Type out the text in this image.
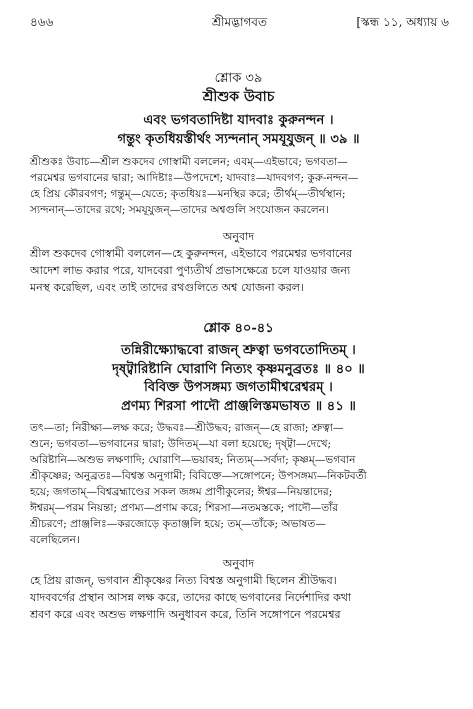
৪৬৬	শ্রীমদ্ভাগবত	[স্কন্ধ ১১, অধ্যায় ৬

শ্লোক ৩৯

শ্রীশুক উবাচ

এবং ভগবতাদিষ্টা যাদবাঃ কুরুনন্দন ।

গন্তুং কৃতধিয়স্তীর্থং স্যন্দনান্‌ সমযূযুজন্‌ ॥ ৩৯ ॥

শ্রীশুকঃ উবাচ—শ্রীল শুকদেব গোস্বামী বললেন; এবম্‌—এইভাবে; ভগবতা—

পরমেশ্বর ভগবানের দ্বারা; আদিষ্টাঃ—উপদেশে; যাদবাঃ—যাদবগণ; কুরু-নন্দন—

হে প্রিয় কৌরবগণ; গন্তুম্‌—যেতে; কৃতধিয়ঃ—মনস্থির করে; তীর্থম্‌—তীর্থস্থান;

স্যন্দনান্‌—তাদের রথে; সমযূযুজন্‌—তাদের অশ্বগুলি সংযোজন করলেন।

অনুবাদ

শ্রীল শুকদেব গোস্বামী বললেন—হে কুরুনন্দন, এইভাবে পরমেশ্বর ভগবানের

আদেশ লাভ করার পরে, যাদবেরা পুণ্যতীর্থ প্রভাসক্ষেত্রে চলে যাওয়ার জন্য

মনস্থ করেছিল, এবং তাই তাদের রথগুলিতে অশ্ব যোজনা করল।

শ্লোক ৪০-৪১

তন্নিরীক্ষ্যোদ্ধবো রাজন্‌ শ্রুত্বা ভগবতোদিতম্‌ ।

দৃষ্ট্বারিষ্টানি ঘোরাণি নিত্যং কৃষ্ণমনুব্রতঃ ॥ ৪০ ॥

বিবিক্ত উপসঙ্গম্য জগতামীশ্বরেশ্বরম্‌ ।

প্রণম্য শিরসা পাদৌ প্রাঞ্জলিস্তমভাষত ॥ ৪১ ॥

তৎ—তা; নিরীক্ষ্য—লক্ষ করে; উদ্ধবঃ—শ্রীউদ্ধব; রাজন্‌—হে রাজা; শ্রুত্বা—

শুনে; ভগবতা—ভগবানের দ্বারা; উদিতম্‌—যা বলা হয়েছে; দৃষ্ট্বা—দেখে;

অরিষ্টানি—অশুভ লক্ষণাদি; ঘোরাণি—ভয়াবহ; নিত্যম্‌—সর্বদা; কৃষ্ণম্‌—ভগবান

শ্রীকৃষ্ণের; অনুব্রতঃ—বিশ্বস্ত অনুগামী; বিবিক্তে—সঙ্গোপনে; উপসঙ্গম্য—নিকটবর্তী

হয়ে; জগতাম্‌—বিশ্বব্রহ্মাণ্ডের সকল জঙ্গম প্রাণীকুলের; ঈশ্বর—নিয়ন্তাদের;

ঈশ্বরম্‌—পরম নিয়ন্তা; প্রণম্য—প্রণাম করে; শিরসা—নতমস্তকে; পাদৌ—তাঁর

শ্রীচরণে; প্রাঞ্জলিঃ—করজোড়ে কৃতাঞ্জলি হয়ে; তম্‌—তাঁকে; অভাষত—

বলেছিলেন।

অনুবাদ

হে প্রিয় রাজন্‌, ভগবান শ্রীকৃষ্ণের নিত্য বিশ্বস্ত অনুগামী ছিলেন শ্রীউদ্ধব।

যাদববর্গের প্রস্থান আসন্ন লক্ষ করে, তাদের কাছে ভগবানের নির্দেশাদির কথা

শ্রবণ করে এবং অশুভ লক্ষণাদি অনুধাবন করে, তিনি সঙ্গোপনে পরমেশ্বর
